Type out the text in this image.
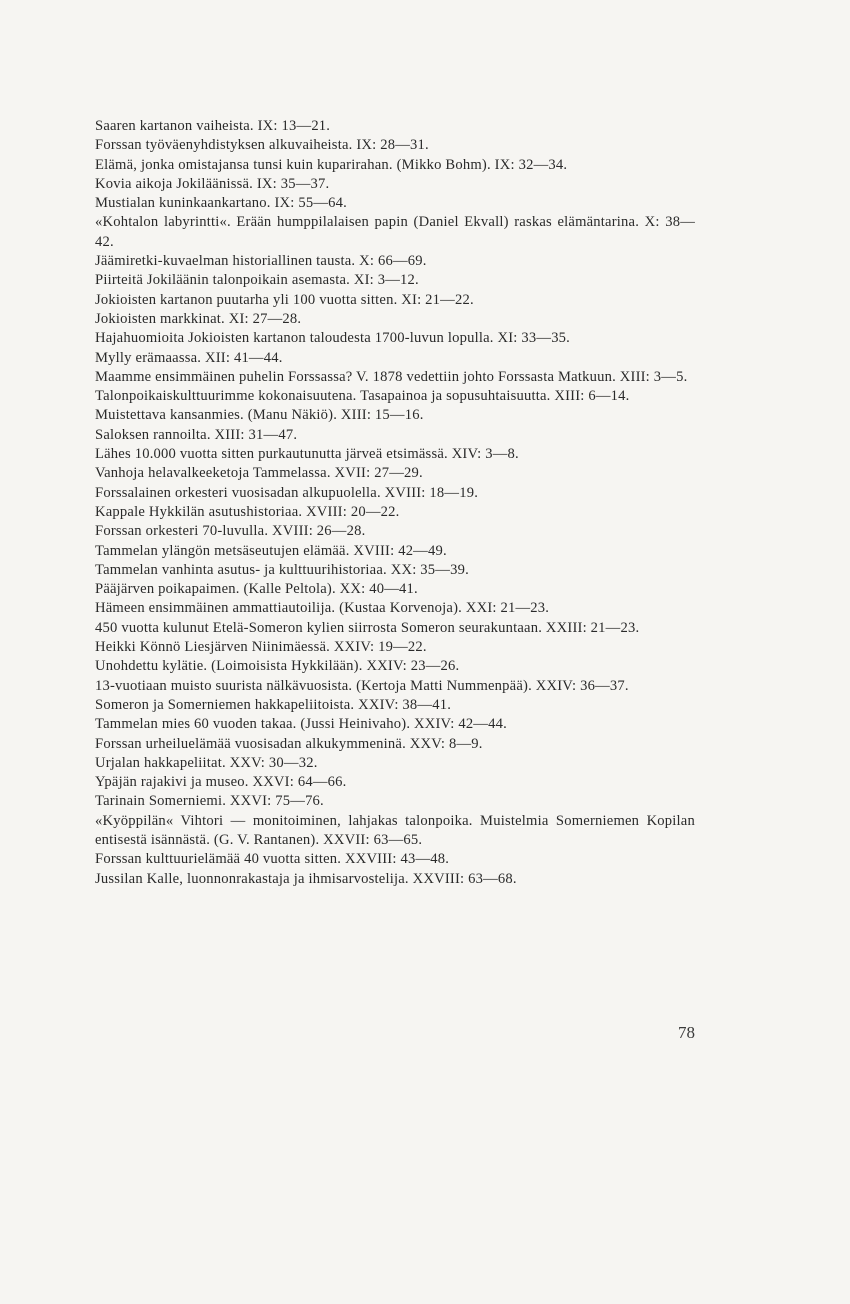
Saaren kartanon vaiheista. IX: 13—21.

Forssan työväenyhdistyksen alkuvaiheista. IX: 28—31.

Elämä, jonka omistajansa tunsi kuin kuparirahan. (Mikko Bohm). IX: 32—34.

Kovia aikoja Jokiläänissä. IX: 35—37.

Mustialan kuninkaankartano. IX: 55—64.

«Kohtalon labyrintti«. Erään humppilalaisen papin (Daniel Ekvall) raskas elämäntarina. X: 38—42.

Jäämiretki-kuvaelman historiallinen tausta. X: 66—69.

Piirteitä Jokiläänin talonpoikain asemasta. XI: 3—12.

Jokioisten kartanon puutarha yli 100 vuotta sitten. XI: 21—22.

Jokioisten markkinat. XI: 27—28.

Hajahuomioita Jokioisten kartanon taloudesta 1700-luvun lopulla. XI: 33—35.

Mylly erämaassa. XII: 41—44.

Maamme ensimmäinen puhelin Forssassa? V. 1878 vedettiin johto Forssasta Matkuun. XIII: 3—5.

Talonpoikaiskulttuurimme kokonaisuutena. Tasapainoa ja sopusuhtaisuutta. XIII: 6—14.

Muistettava kansanmies. (Manu Näkiö). XIII: 15—16.

Saloksen rannoilta. XIII: 31—47.

Lähes 10.000 vuotta sitten purkautunutta järveä etsimässä. XIV: 3—8.

Vanhoja helavalkeeketoja Tammelassa. XVII: 27—29.

Forssalainen orkesteri vuosisadan alkupuolella. XVIII: 18—19.

Kappale Hykkilän asutushistoriaa. XVIII: 20—22.

Forssan orkesteri 70-luvulla. XVIII: 26—28.

Tammelan ylängön metsäseutujen elämää. XVIII: 42—49.

Tammelan vanhinta asutus- ja kulttuurihistoriaa. XX: 35—39.

Pääjärven poikapaimen. (Kalle Peltola). XX: 40—41.

Hämeen ensimmäinen ammattiautoilija. (Kustaa Korvenoja). XXI: 21—23.

450 vuotta kulunut Etelä-Someron kylien siirrosta Someron seurakuntaan. XXIII: 21—23.

Heikki Könnö Liesjärven Niinimäessä. XXIV: 19—22.

Unohdettu kylätie. (Loimoisista Hykkilään). XXIV: 23—26.

13-vuotiaan muisto suurista nälkävuosista. (Kertoja Matti Nummenpää). XXIV: 36—37.

Someron ja Somerniemen hakkapeliitoista. XXIV: 38—41.

Tammelan mies 60 vuoden takaa. (Jussi Heinivaho). XXIV: 42—44.

Forssan urheiluelämää vuosisadan alkukymmeninä. XXV: 8—9.

Urjalan hakkapeliitat. XXV: 30—32.

Ypäjän rajakivi ja museo. XXVI: 64—66.

Tarinain Somerniemi. XXVI: 75—76.

«Kyöppilän« Vihtori — monitoiminen, lahjakas talonpoika. Muistelmia Somerniemen Kopilan entisestä isännästä. (G. V. Rantanen). XXVII: 63—65.

Forssan kulttuurielämää 40 vuotta sitten. XXVIII: 43—48.

Jussilan Kalle, luonnonrakastaja ja ihmisarvostelija. XXVIII: 63—68.

78
